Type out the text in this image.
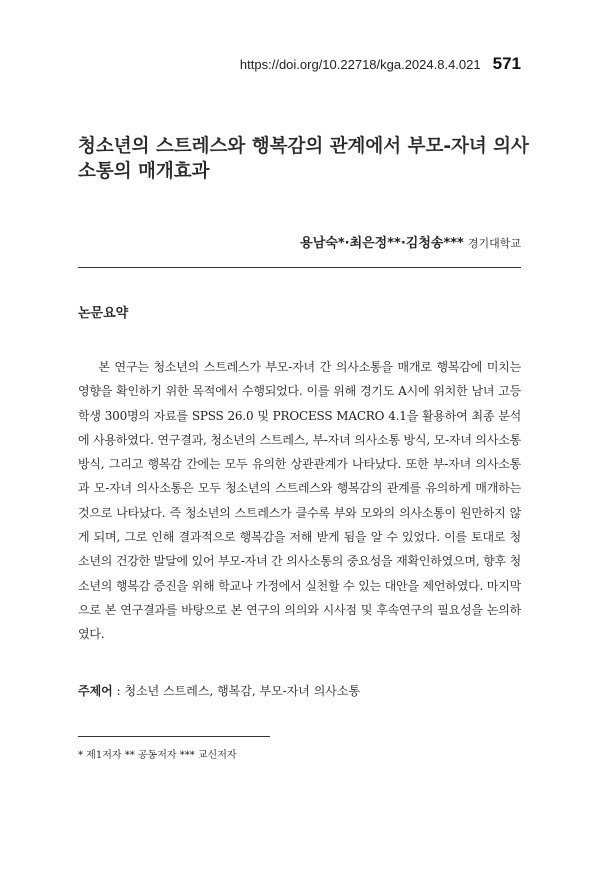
https://doi.org/10.22718/kga.2024.8.4.021 571
청소년의 스트레스와 행복감의 관계에서 부모-자녀 의사소통의 매개효과
용남숙*·최은정**·김청송*** 경기대학교
논문요약

본 연구는 청소년의 스트레스가 부모-자녀 간 의사소통을 매개로 행복감에 미치는 영향을 확인하기 위한 목적에서 수행되었다. 이를 위해 경기도 A시에 위치한 남녀 고등학생 300명의 자료를 SPSS 26.0 및 PROCESS MACRO 4.1을 활용하여 최종 분석에 사용하였다. 연구결과, 청소년의 스트레스, 부-자녀 의사소통 방식, 모-자녀 의사소통 방식, 그리고 행복감 간에는 모두 유의한 상관관계가 나타났다. 또한 부-자녀 의사소통과 모-자녀 의사소통은 모두 청소년의 스트레스와 행복감의 관계를 유의하게 매개하는 것으로 나타났다. 즉 청소년의 스트레스가 클수록 부와 모와의 의사소통이 원만하지 않게 되며, 그로 인해 결과적으로 행복감을 저해 받게 됨을 알 수 있었다. 이를 토대로 청소년의 건강한 발달에 있어 부모-자녀 간 의사소통의 중요성을 재확인하였으며, 향후 청소년의 행복감 증진을 위해 학교나 가정에서 실천할 수 있는 대안을 제언하였다. 마지막으로 본 연구결과를 바탕으로 본 연구의 의의와 시사점 및 후속연구의 필요성을 논의하였다.

주제어 : 청소년 스트레스, 행복감, 부모-자녀 의사소통
* 제1저자 ** 공동저자 *** 교신저자
